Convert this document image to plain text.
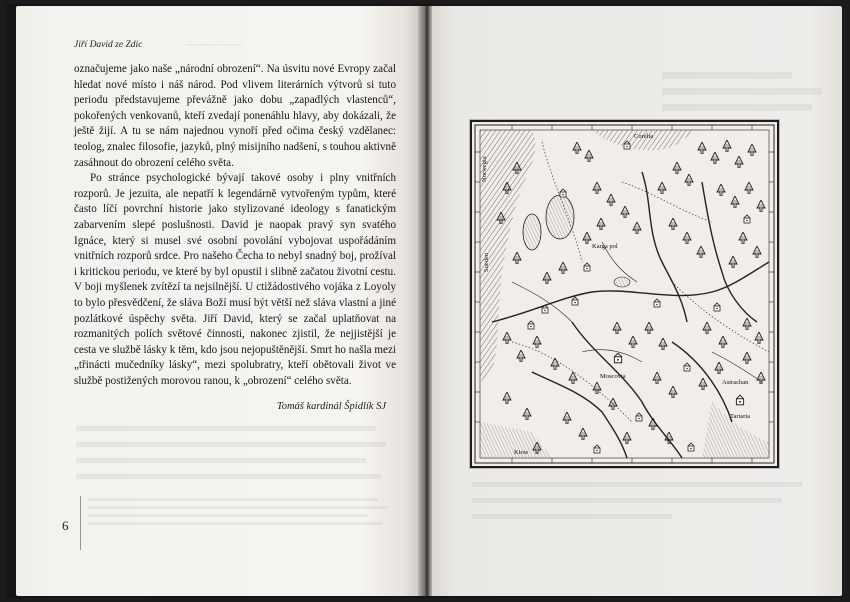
Jiří David ze Zdic	~~~~~~ ~~~~~

označujeme jako naše „národní obrození“. Na úsvitu nové Evropy začal hledat nové místo i náš národ. Pod vlivem literárních výtvorů si tuto periodu představujeme převážně jako dobu „zapadlých vlastenců“, pokořených venkovanů, kteří zvedají ponenáhlu hlavy, aby dokázali, že ještě žijí. A tu se nám najednou vynoří před očima český vzdělanec: teolog, znalec filosofie, jazyků, plný misijního nadšení, s touhou aktivně zasáhnout do obrození celého světa.

Po stránce psychologické bývají takové osoby i plny vnitřních rozporů. Je jezuita, ale nepatří k legendárně vytvořeným typům, které často líčí povrchní historie jako stylizované ideology s fanatickým zabarvením slepé poslušnosti. David je naopak pravý syn svatého Ignáce, který si musel své osobní povolání vybojovat uspořádáním vnitřních rozporů srdce. Pro našeho Čecha to nebyl snadný boj, prožíval i kritickou periodu, ve které by byl opustil i slibně začatou životní cestu. V boji myšlenek zvítězí ta nejsilnější. U ctižádostivého vojáka z Loyoly to bylo přesvědčení, že sláva Boží musí být větší než sláva vlastní a jiné pozlátkové úspěchy světa. Jiří David, který se začal uplatňovat na rozmanitých polích světové činnosti, nakonec zjistil, že nejjistější je cesta ve službě lásky k těm, kdo jsou nejopuštěnější. Smrt ho našla mezi „třinácti mučedníky lásky“, mezi spolubratry, kteří obětovali život ve službě postižených morovou ranou, k „obrození“ celého světa.

Tomáš kardinál Špidlík SJ
6
Corelia
Moscovia
Tartaria
Karga pol
Astrachan
Kiow
Sueden
Norwegia
